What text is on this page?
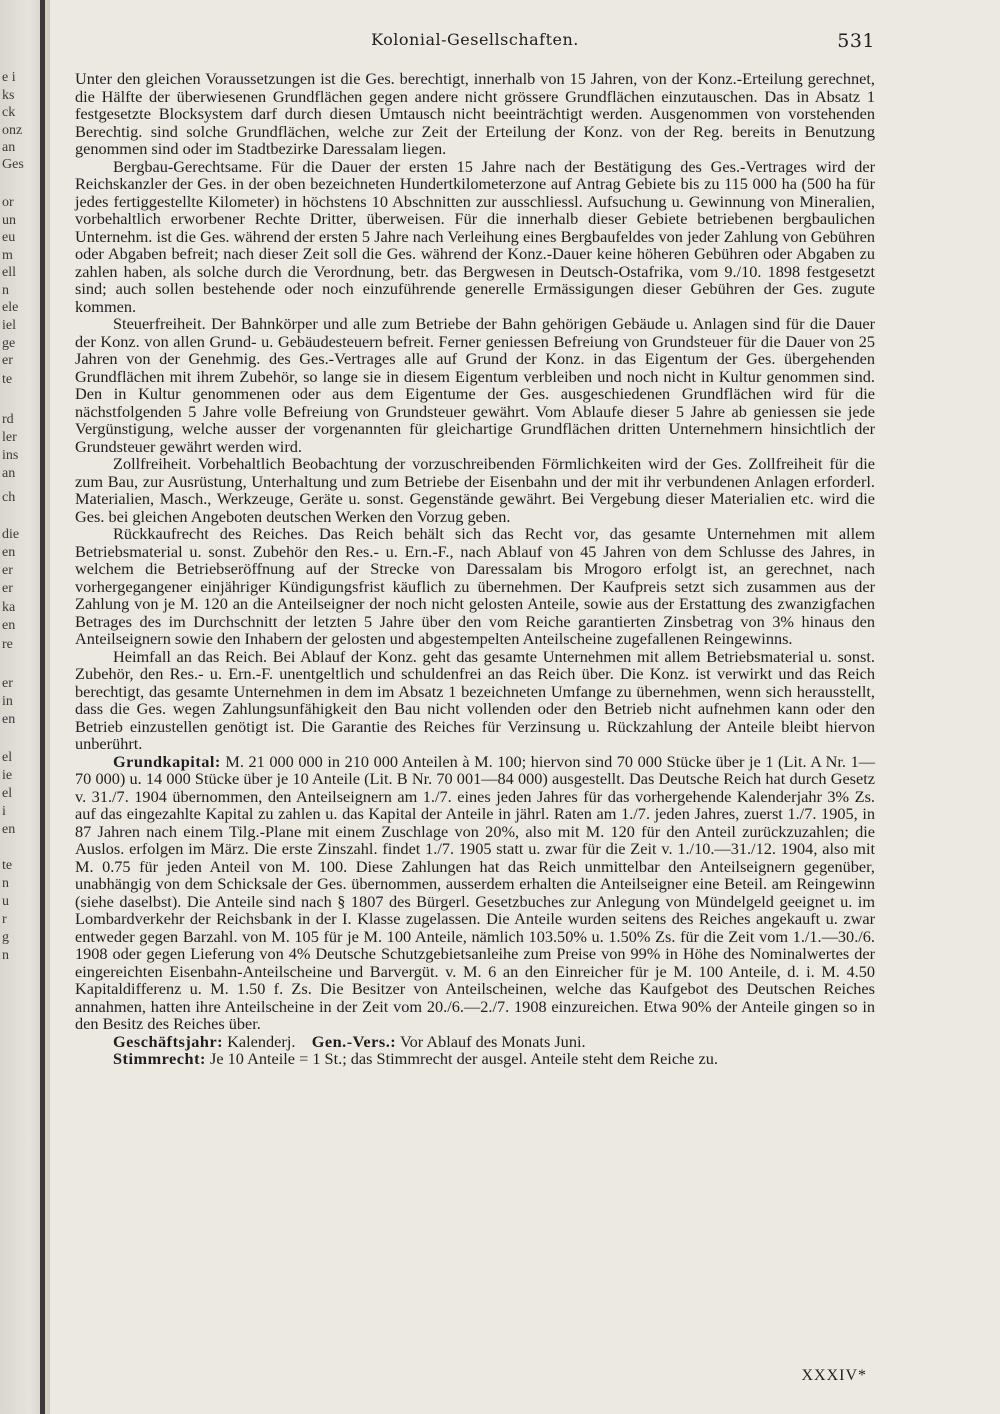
e i
ks
ck
onz
an
Ges
or
un
eu
m
ell
n
ele
iel
ge
er
te
rd
ler
ins
an
ch
die
en
er
er
ka
en
re
er
in
en
el
ie
el
i
en
te
n
u
r
g
n
Kolonial-Gesellschaften.	531

Unter den gleichen Voraussetzungen ist die Ges. berechtigt, innerhalb von 15 Jahren, von der Konz.-Erteilung gerechnet, die Hälfte der überwiesenen Grundflächen gegen andere nicht grössere Grundflächen einzutauschen. Das in Absatz 1 festgesetzte Blocksystem darf durch diesen Umtausch nicht beeinträchtigt werden. Ausgenommen von vorstehenden Berechtig. sind solche Grundflächen, welche zur Zeit der Erteilung der Konz. von der Reg. bereits in Benutzung genommen sind oder im Stadtbezirke Daressalam liegen.

Bergbau-Gerechtsame. Für die Dauer der ersten 15 Jahre nach der Bestätigung des Ges.-Vertrages wird der Reichskanzler der Ges. in der oben bezeichneten Hundertkilometerzone auf Antrag Gebiete bis zu 115 000 ha (500 ha für jedes fertiggestellte Kilometer) in höchstens 10 Abschnitten zur ausschliessl. Aufsuchung u. Gewinnung von Mineralien, vorbehaltlich erworbener Rechte Dritter, überweisen. Für die innerhalb dieser Gebiete betriebenen bergbaulichen Unternehm. ist die Ges. während der ersten 5 Jahre nach Verleihung eines Bergbaufeldes von jeder Zahlung von Gebühren oder Abgaben befreit; nach dieser Zeit soll die Ges. während der Konz.-Dauer keine höheren Gebühren oder Abgaben zu zahlen haben, als solche durch die Verordnung, betr. das Bergwesen in Deutsch-Ostafrika, vom 9./10. 1898 festgesetzt sind; auch sollen bestehende oder noch einzuführende generelle Ermässigungen dieser Gebühren der Ges. zugute kommen.

Steuerfreiheit. Der Bahnkörper und alle zum Betriebe der Bahn gehörigen Gebäude u. Anlagen sind für die Dauer der Konz. von allen Grund- u. Gebäudesteuern befreit. Ferner geniessen Befreiung von Grundsteuer für die Dauer von 25 Jahren von der Genehmig. des Ges.-Vertrages alle auf Grund der Konz. in das Eigentum der Ges. übergehenden Grundflächen mit ihrem Zubehör, so lange sie in diesem Eigentum verbleiben und noch nicht in Kultur genommen sind. Den in Kultur genommenen oder aus dem Eigentume der Ges. ausgeschiedenen Grundflächen wird für die nächstfolgenden 5 Jahre volle Befreiung von Grundsteuer gewährt. Vom Ablaufe dieser 5 Jahre ab geniessen sie jede Vergünstigung, welche ausser der vorgenannten für gleichartige Grundflächen dritten Unternehmern hinsichtlich der Grundsteuer gewährt werden wird.

Zollfreiheit. Vorbehaltlich Beobachtung der vorzuschreibenden Förmlichkeiten wird der Ges. Zollfreiheit für die zum Bau, zur Ausrüstung, Unterhaltung und zum Betriebe der Eisenbahn und der mit ihr verbundenen Anlagen erforderl. Materialien, Masch., Werkzeuge, Geräte u. sonst. Gegenstände gewährt. Bei Vergebung dieser Materialien etc. wird die Ges. bei gleichen Angeboten deutschen Werken den Vorzug geben.

Rückkaufrecht des Reiches. Das Reich behält sich das Recht vor, das gesamte Unternehmen mit allem Betriebsmaterial u. sonst. Zubehör den Res.- u. Ern.-F., nach Ablauf von 45 Jahren von dem Schlusse des Jahres, in welchem die Betriebseröffnung auf der Strecke von Daressalam bis Mrogoro erfolgt ist, an gerechnet, nach vorhergegangener einjähriger Kündigungsfrist käuflich zu übernehmen. Der Kaufpreis setzt sich zusammen aus der Zahlung von je M. 120 an die Anteilseigner der noch nicht gelosten Anteile, sowie aus der Erstattung des zwanzigfachen Betrages des im Durchschnitt der letzten 5 Jahre über den vom Reiche garantierten Zinsbetrag von 3% hinaus den Anteilseignern sowie den Inhabern der gelosten und abgestempelten Anteilscheine zugefallenen Reingewinns.

Heimfall an das Reich. Bei Ablauf der Konz. geht das gesamte Unternehmen mit allem Betriebsmaterial u. sonst. Zubehör, den Res.- u. Ern.-F. unentgeltlich und schuldenfrei an das Reich über. Die Konz. ist verwirkt und das Reich berechtigt, das gesamte Unternehmen in dem im Absatz 1 bezeichneten Umfange zu übernehmen, wenn sich herausstellt, dass die Ges. wegen Zahlungsunfähigkeit den Bau nicht vollenden oder den Betrieb nicht aufnehmen kann oder den Betrieb einzustellen genötigt ist. Die Garantie des Reiches für Verzinsung u. Rückzahlung der Anteile bleibt hiervon unberührt.

Grundkapital: M. 21 000 000 in 210 000 Anteilen à M. 100; hiervon sind 70 000 Stücke über je 1 (Lit. A Nr. 1—70 000) u. 14 000 Stücke über je 10 Anteile (Lit. B Nr. 70 001—84 000) ausgestellt. Das Deutsche Reich hat durch Gesetz v. 31./7. 1904 übernommen, den Anteilseignern am 1./7. eines jeden Jahres für das vorhergehende Kalenderjahr 3% Zs. auf das eingezahlte Kapital zu zahlen u. das Kapital der Anteile in jährl. Raten am 1./7. jeden Jahres, zuerst 1./7. 1905, in 87 Jahren nach einem Tilg.-Plane mit einem Zuschlage von 20%, also mit M. 120 für den Anteil zurückzuzahlen; die Auslos. erfolgen im März. Die erste Zinszahl. findet 1./7. 1905 statt u. zwar für die Zeit v. 1./10.—31./12. 1904, also mit M. 0.75 für jeden Anteil von M. 100. Diese Zahlungen hat das Reich unmittelbar den Anteilseignern gegenüber, unabhängig von dem Schicksale der Ges. übernommen, ausserdem erhalten die Anteilseigner eine Beteil. am Reingewinn (siehe daselbst). Die Anteile sind nach § 1807 des Bürgerl. Gesetzbuches zur Anlegung von Mündelgeld geeignet u. im Lombardverkehr der Reichsbank in der I. Klasse zugelassen. Die Anteile wurden seitens des Reiches angekauft u. zwar entweder gegen Barzahl. von M. 105 für je M. 100 Anteile, nämlich 103.50% u. 1.50% Zs. für die Zeit vom 1./1.—30./6. 1908 oder gegen Lieferung von 4% Deutsche Schutzgebietsanleihe zum Preise von 99% in Höhe des Nominalwertes der eingereichten Eisenbahn-Anteilscheine und Barvergüt. v. M. 6 an den Einreicher für je M. 100 Anteile, d. i. M. 4.50 Kapitaldifferenz u. M. 1.50 f. Zs. Die Besitzer von Anteilscheinen, welche das Kaufgebot des Deutschen Reiches annahmen, hatten ihre Anteilscheine in der Zeit vom 20./6.—2./7. 1908 einzureichen. Etwa 90% der Anteile gingen so in den Besitz des Reiches über.

Geschäftsjahr: Kalenderj. Gen.-Vers.: Vor Ablauf des Monats Juni.

Stimmrecht: Je 10 Anteile = 1 St.; das Stimmrecht der ausgel. Anteile steht dem Reiche zu.

XXXIV*
